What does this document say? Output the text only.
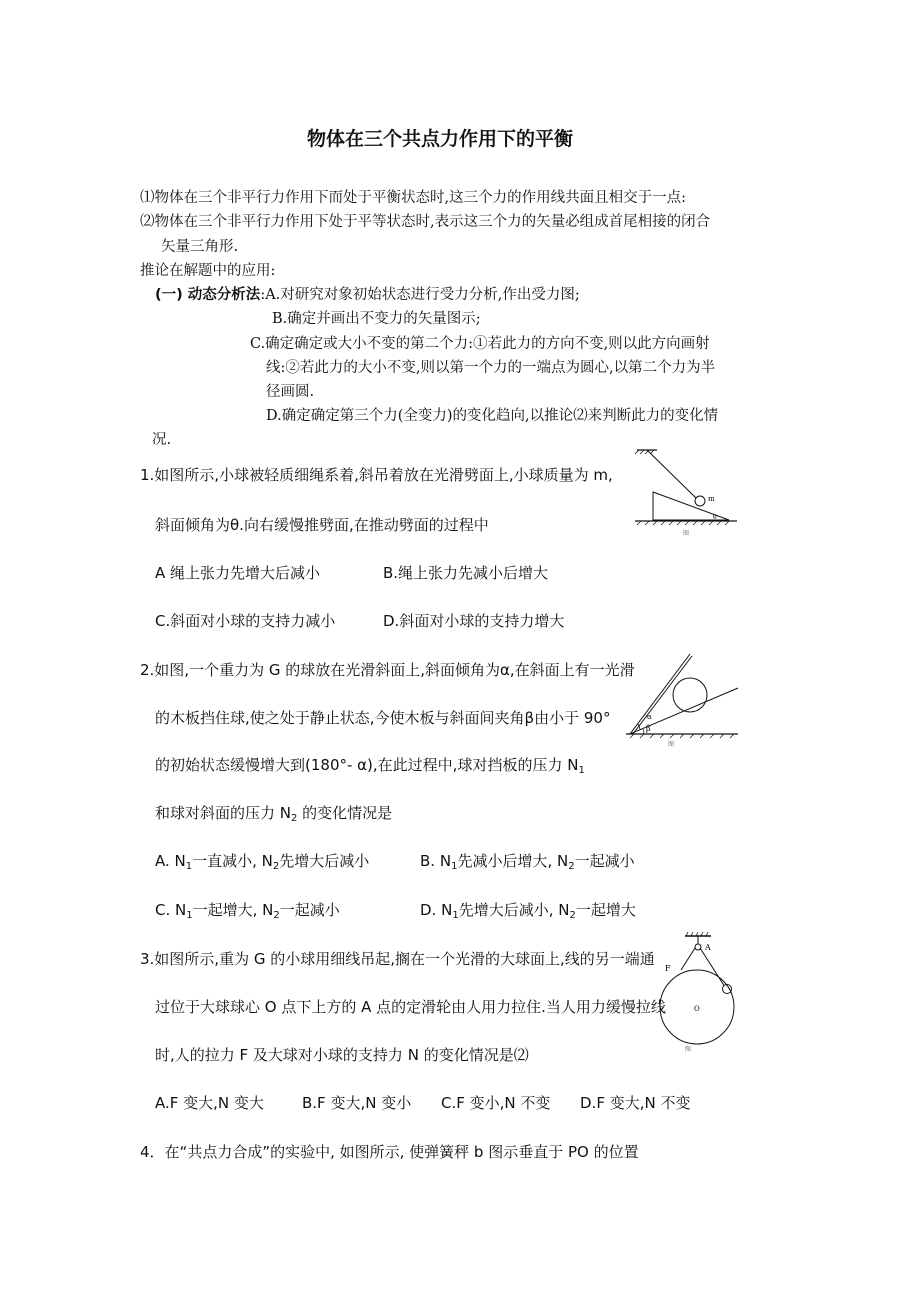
物体在三个共点力作用下的平衡
⑴物体在三个非平行力作用下而处于平衡状态时,这三个力的作用线共面且相交于一点:
⑵物体在三个非平行力作用下处于平等状态时,表示这三个力的矢量必组成首尾相接的闭合
矢量三角形.
推论在解题中的应用:
(一) 动态分析法:A.对研究对象初始状态进行受力分析,作出受力图;
B.确定并画出不变力的矢量图示;
C.确定确定或大小不变的第二个力:①若此力的方向不变,则以此方向画射
线:②若此力的大小不变,则以第一个力的一端点为圆心,以第二个力为半
径画圆.
D.确定确定第三个力(全变力)的变化趋向,以推论⑵来判断此力的变化情
况.
1.如图所示,小球被轻质细绳系着,斜吊着放在光滑劈面上,小球质量为 m,
斜面倾角为θ.向右缓慢推劈面,在推动劈面的过程中
A 绳上张力先增大后减小	B.绳上张力先减小后增大
C.斜面对小球的支持力减小	D.斜面对小球的支持力增大
m
θ
图
2.如图,一个重力为 G 的球放在光滑斜面上,斜面倾角为α,在斜面上有一光滑
的木板挡住球,使之处于静止状态,今使木板与斜面间夹角β由小于 90°
的初始状态缓慢增大到(180°- α),在此过程中,球对挡板的压力 $N_1$
和球对斜面的压力 $N_2$ 的变化情况是
A. $N_1$一直减小, $N_2$先增大后减小	B. $N_1$先减小后增大, $N_2$一起减小
C. $N_1$一起增大, $N_2$一起减小	D. $N_1$先增大后减小, $N_2$一起增大
β
α
图
3.如图所示,重为 G 的小球用细线吊起,搁在一个光滑的大球面上,线的另一端通
过位于大球球心 O 点下上方的 A 点的定滑轮由人用力拉住.当人用力缓慢拉线
时,人的拉力 F 及大球对小球的支持力 N 的变化情况是⑵
A.F 变大,N 变大	B.F 变大,N 变小 C.F 变小,N 不变 D.F 变大,N 不变
A
F
O
图
4．在“共点力合成”的实验中, 如图所示, 使弹簧秤 b 图示垂直于 PO 的位置
